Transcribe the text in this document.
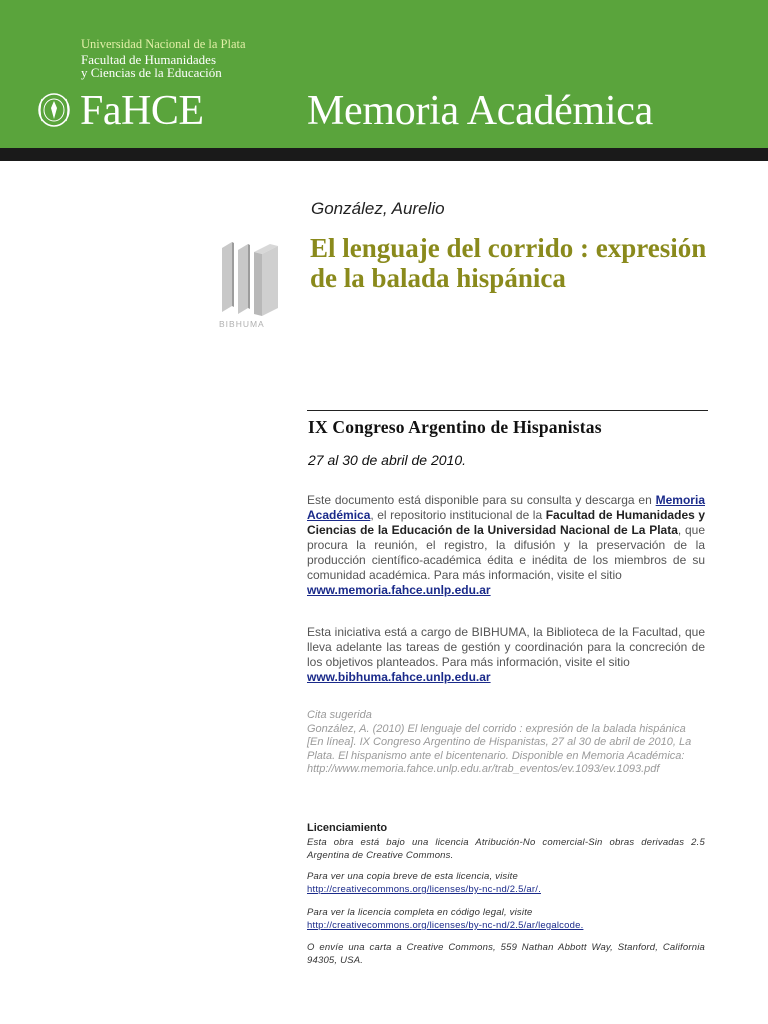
Universidad Nacional de la Plata
Facultad de Humanidades
y Ciencias de la Educación
FaHCE Memoria Académica
BIBHUMA
González, Aurelio
El lenguaje del corrido : expresión de la balada hispánica
IX Congreso Argentino de Hispanistas
27 al 30 de abril de 2010.
Este documento está disponible para su consulta y descarga en Memoria Académica, el repositorio institucional de la Facultad de Humanidades y Ciencias de la Educación de la Universidad Nacional de La Plata, que procura la reunión, el registro, la difusión y la preservación de la producción científico-académica édita e inédita de los miembros de su comunidad académica. Para más información, visite el sitio
www.memoria.fahce.unlp.edu.ar
Esta iniciativa está a cargo de BIBHUMA, la Biblioteca de la Facultad, que lleva adelante las tareas de gestión y coordinación para la concreción de los objetivos planteados. Para más información, visite el sitio
www.bibhuma.fahce.unlp.edu.ar
Cita sugerida
González, A. (2010) El lenguaje del corrido : expresión de la balada hispánica [En línea]. IX Congreso Argentino de Hispanistas, 27 al 30 de abril de 2010, La Plata. El hispanismo ante el bicentenario. Disponible en Memoria Académica:
http://www.memoria.fahce.unlp.edu.ar/trab_eventos/ev.1093/ev.1093.pdf
Licenciamiento
Esta obra está bajo una licencia Atribución-No comercial-Sin obras derivadas 2.5 Argentina de Creative Commons.
Para ver una copia breve de esta licencia, visite
http://creativecommons.org/licenses/by-nc-nd/2.5/ar/.
Para ver la licencia completa en código legal, visite
http://creativecommons.org/licenses/by-nc-nd/2.5/ar/legalcode.
O envíe una carta a Creative Commons, 559 Nathan Abbott Way, Stanford, California 94305, USA.
